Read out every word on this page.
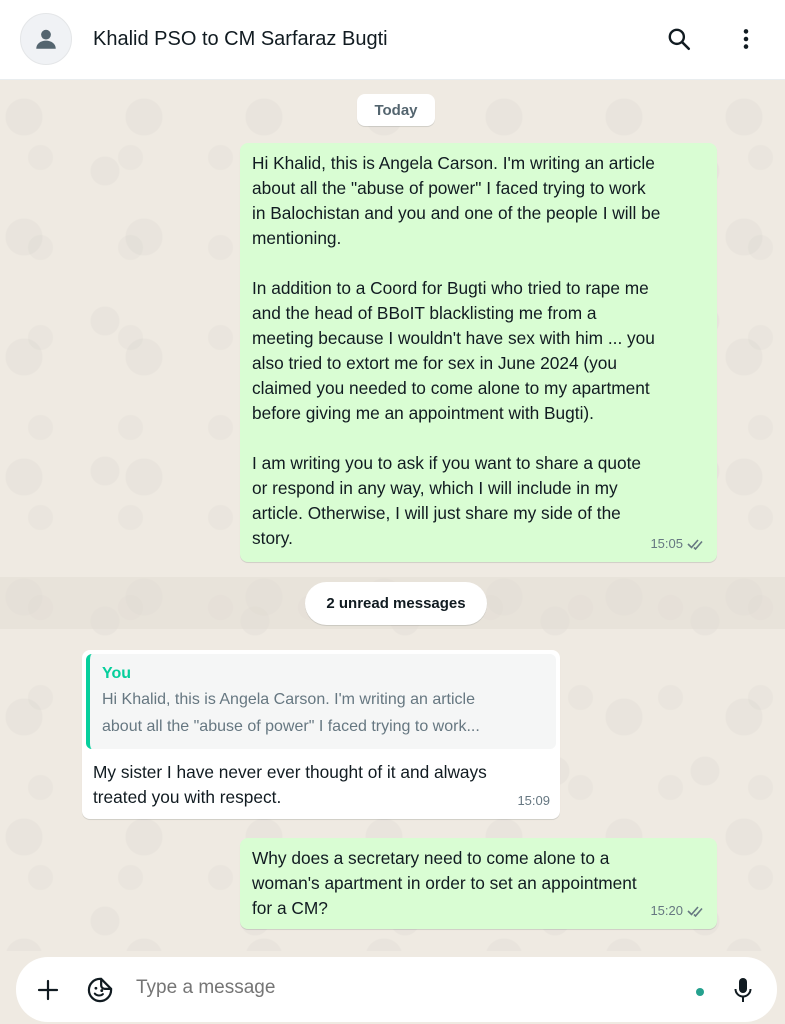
Khalid PSO to CM Sarfaraz Bugti
Today
Hi Khalid, this is Angela Carson. I'm writing an article
about all the "abuse of power" I faced trying to work
in Balochistan and you and one of the people I will be
mentioning.

In addition to a Coord for Bugti who tried to rape me
and the head of BBoIT blacklisting me from a
meeting because I wouldn't have sex with him ... you
also tried to extort me for sex in June 2024 (you
claimed you needed to come alone to my apartment
before giving me an appointment with Bugti).

I am writing you to ask if you want to share a quote
or respond in any way, which I will include in my
article. Otherwise, I will just share my side of the
story.	15:05
2 unread messages
You
Hi Khalid, this is Angela Carson. I'm writing an article
about all the "abuse of power" I faced trying to work...
My sister I have never ever thought of it and always
treated you with respect.	15:09
Why does a secretary need to come alone to a
woman's apartment in order to set an appointment
for a CM?	15:20
Type a message
